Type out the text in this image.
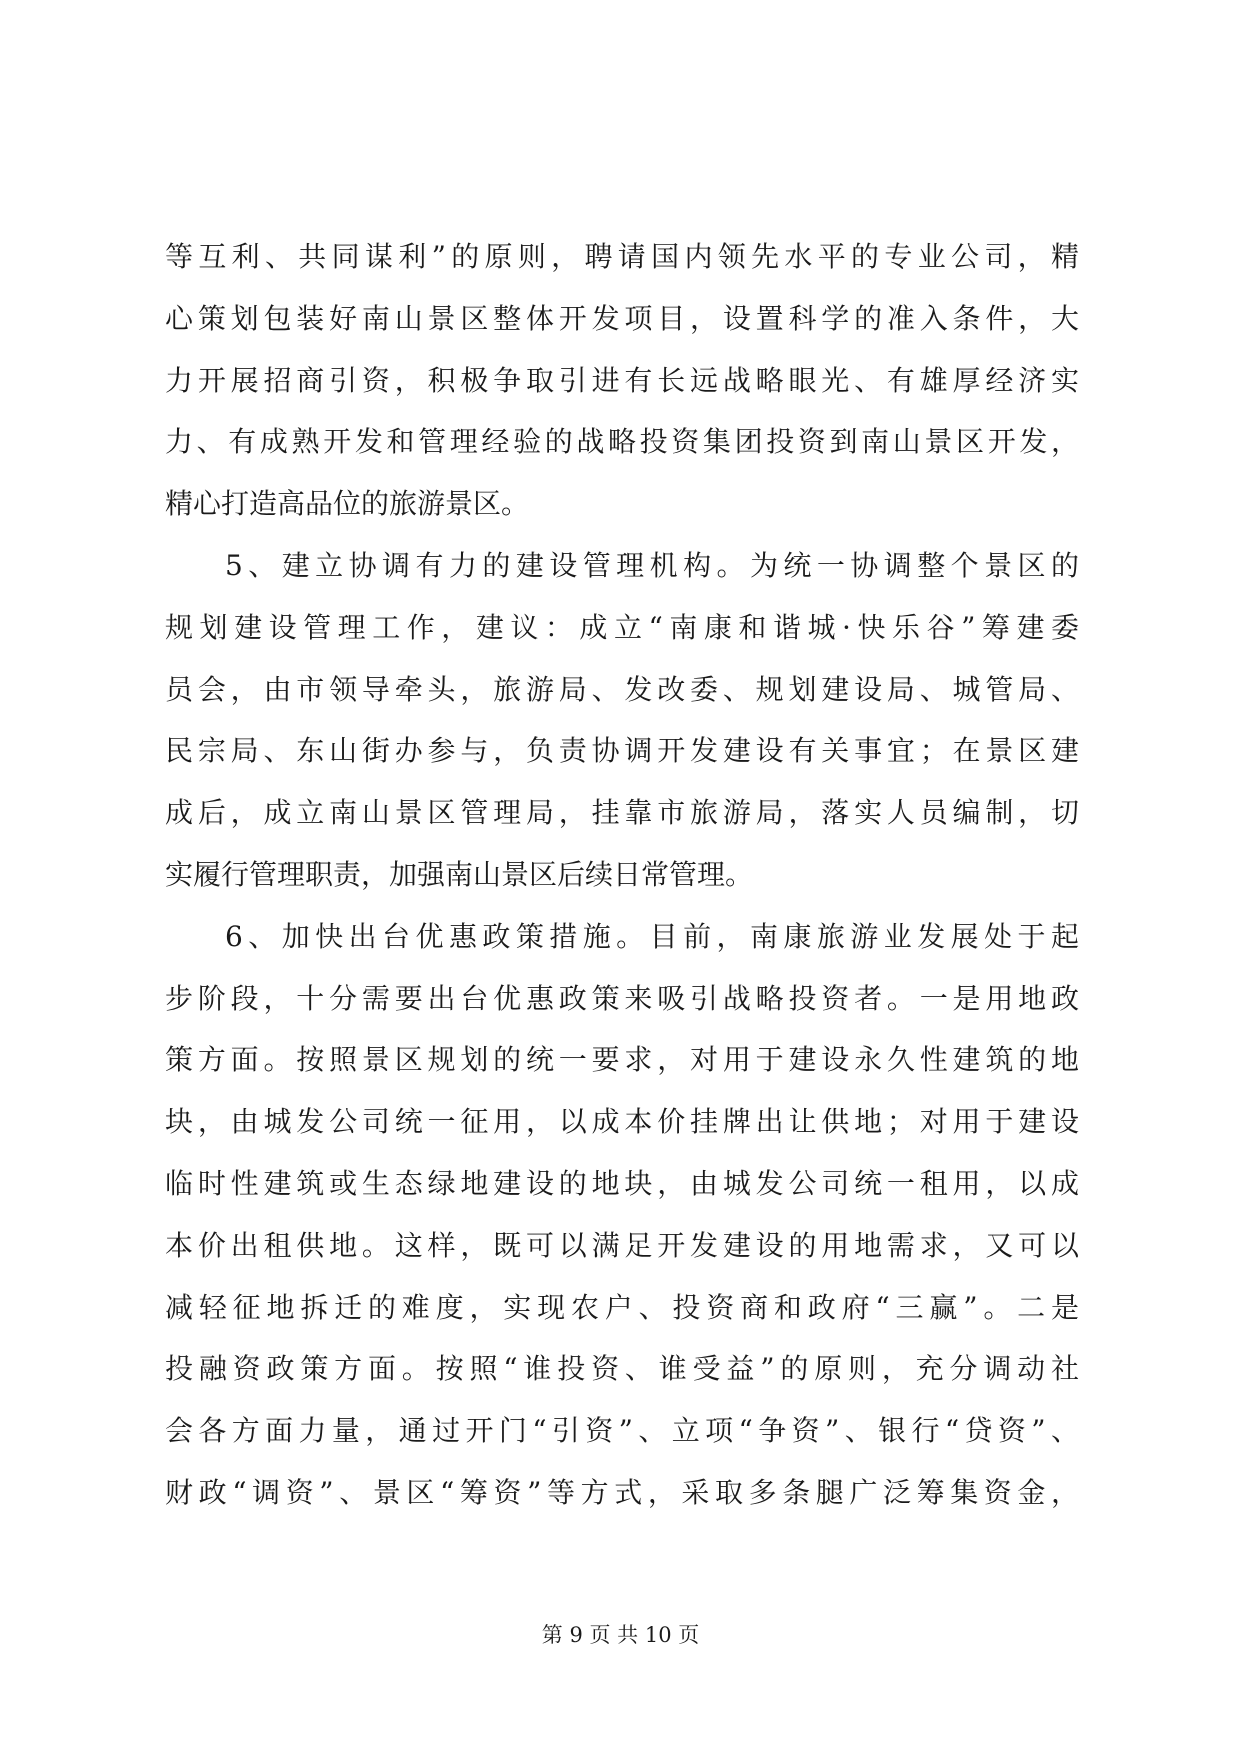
等互利、共同谋利”的原则，聘请国内领先水平的专业公司，精
心策划包装好南山景区整体开发项目，设置科学的准入条件，大
力开展招商引资，积极争取引进有长远战略眼光、有雄厚经济实
力、有成熟开发和管理经验的战略投资集团投资到南山景区开发，
精心打造高品位的旅游景区。
5、建立协调有力的建设管理机构。为统一协调整个景区的
规划建设管理工作，建议：成立“南康和谐城·快乐谷”筹建委
员会，由市领导牵头，旅游局、发改委、规划建设局、城管局、
民宗局、东山街办参与，负责协调开发建设有关事宜；在景区建
成后，成立南山景区管理局，挂靠市旅游局，落实人员编制，切
实履行管理职责，加强南山景区后续日常管理。
6、加快出台优惠政策措施。目前，南康旅游业发展处于起
步阶段，十分需要出台优惠政策来吸引战略投资者。一是用地政
策方面。按照景区规划的统一要求，对用于建设永久性建筑的地
块，由城发公司统一征用，以成本价挂牌出让供地；对用于建设
临时性建筑或生态绿地建设的地块，由城发公司统一租用，以成
本价出租供地。这样，既可以满足开发建设的用地需求，又可以
减轻征地拆迁的难度，实现农户、投资商和政府“三赢”。二是
投融资政策方面。按照“谁投资、谁受益”的原则，充分调动社
会各方面力量，通过开门“引资”、立项“争资”、银行“贷资”、
财政“调资”、景区“筹资”等方式，采取多条腿广泛筹集资金，
第 9 页 共 10 页
